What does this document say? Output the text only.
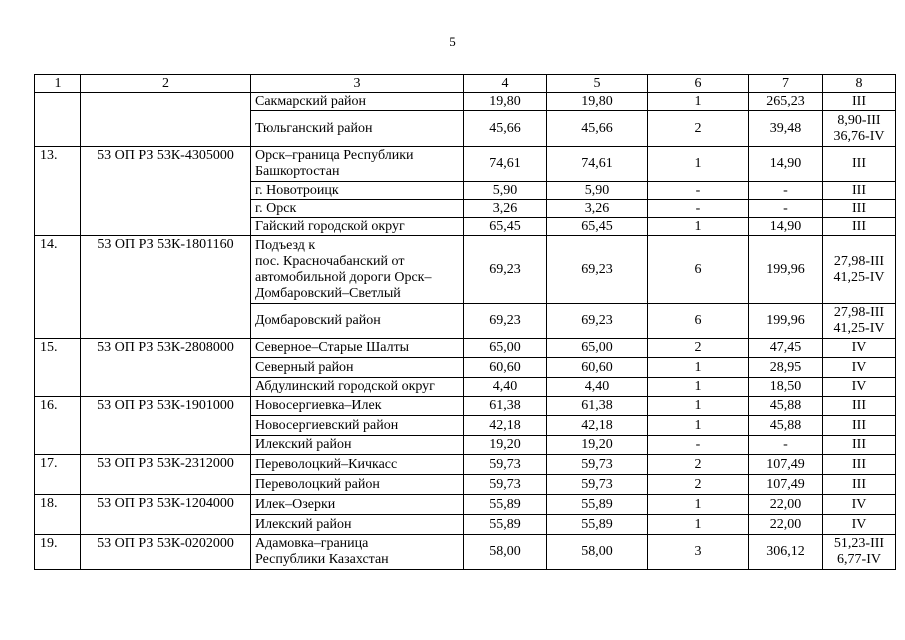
5
1	2	3	4	5	6	7	8
		Сакмарский район	19,80	19,80	1	265,23	III
		Тюльганский район	45,66	45,66	2	39,48	8,90-III
36,76-IV
13.	53 ОП РЗ 53К-4305000	Орск–граница Республики
Башкортостан	74,61	74,61	1	14,90	III
		г. Новотроицк	5,90	5,90	-	-	III
		г. Орск	3,26	3,26	-	-	III
		Гайский городской округ	65,45	65,45	1	14,90	III
14.	53 ОП РЗ 53К-1801160	Подъезд к
пос. Красночабанский от
автомобильной дороги Орск–
Домбаровский–Светлый	69,23	69,23	6	199,96	27,98-III
41,25-IV
		Домбаровский район	69,23	69,23	6	199,96	27,98-III
41,25-IV
15.	53 ОП РЗ 53К-2808000	Северное–Старые Шалты	65,00	65,00	2	47,45	IV
		Северный район	60,60	60,60	1	28,95	IV
		Абдулинский городской округ	4,40	4,40	1	18,50	IV
16.	53 ОП РЗ 53К-1901000	Новосергиевка–Илек	61,38	61,38	1	45,88	III
		Новосергиевский район	42,18	42,18	1	45,88	III
		Илекский район	19,20	19,20	-	-	III
17.	53 ОП РЗ 53К-2312000	Переволоцкий–Кичкасс	59,73	59,73	2	107,49	III
		Переволоцкий район	59,73	59,73	2	107,49	III
18.	53 ОП РЗ 53К-1204000	Илек–Озерки	55,89	55,89	1	22,00	IV
		Илекский район	55,89	55,89	1	22,00	IV
19.	53 ОП РЗ 53К-0202000	Адамовка–граница
Республики Казахстан	58,00	58,00	3	306,12	51,23-III
6,77-IV
